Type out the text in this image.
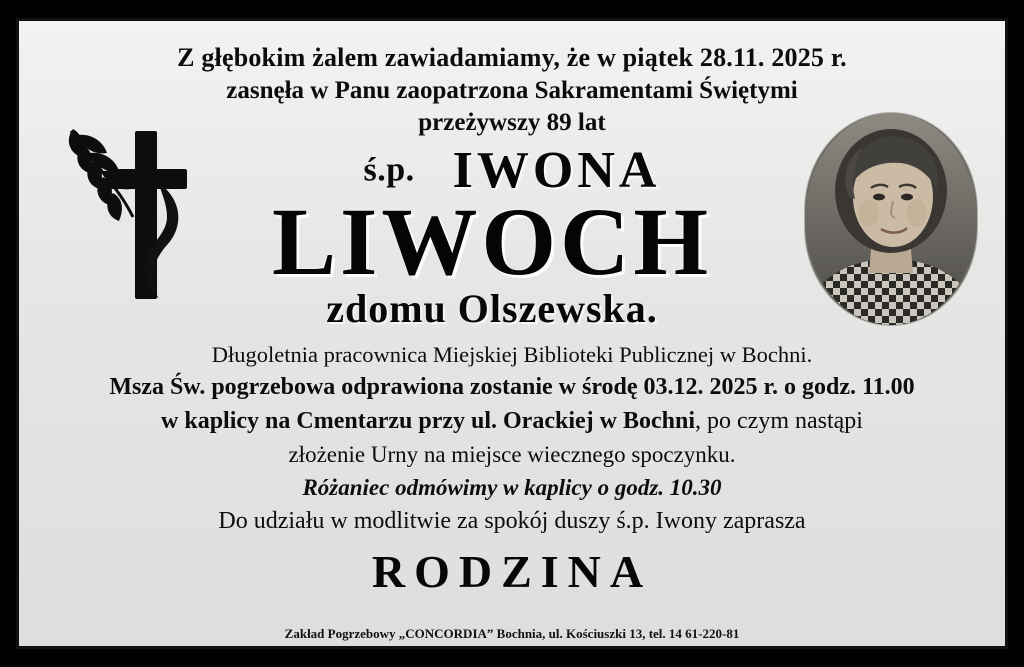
Z głębokim żalem zawiadamiamy, że w piątek 28.11. 2025 r.
zasnęła w Panu zaopatrzona Sakramentami Świętymi
przeżywszy 89 lat
ś.p. IWONA
LIWOCH
zdomu Olszewska.
Długoletnia pracownica Miejskiej Biblioteki Publicznej w Bochni.
Msza Św. pogrzebowa odprawiona zostanie w środę 03.12. 2025 r. o godz. 11.00
w kaplicy na Cmentarzu przy ul. Orackiej w Bochni, po czym nastąpi
złożenie Urny na miejsce wiecznego spoczynku.
Różaniec odmówimy w kaplicy o godz. 10.30
Do udziału w modlitwie za spokój duszy ś.p. Iwony zaprasza
RODZINA
Zakład Pogrzebowy „CONCORDIA” Bochnia, ul. Kościuszki 13, tel. 14 61-220-81
